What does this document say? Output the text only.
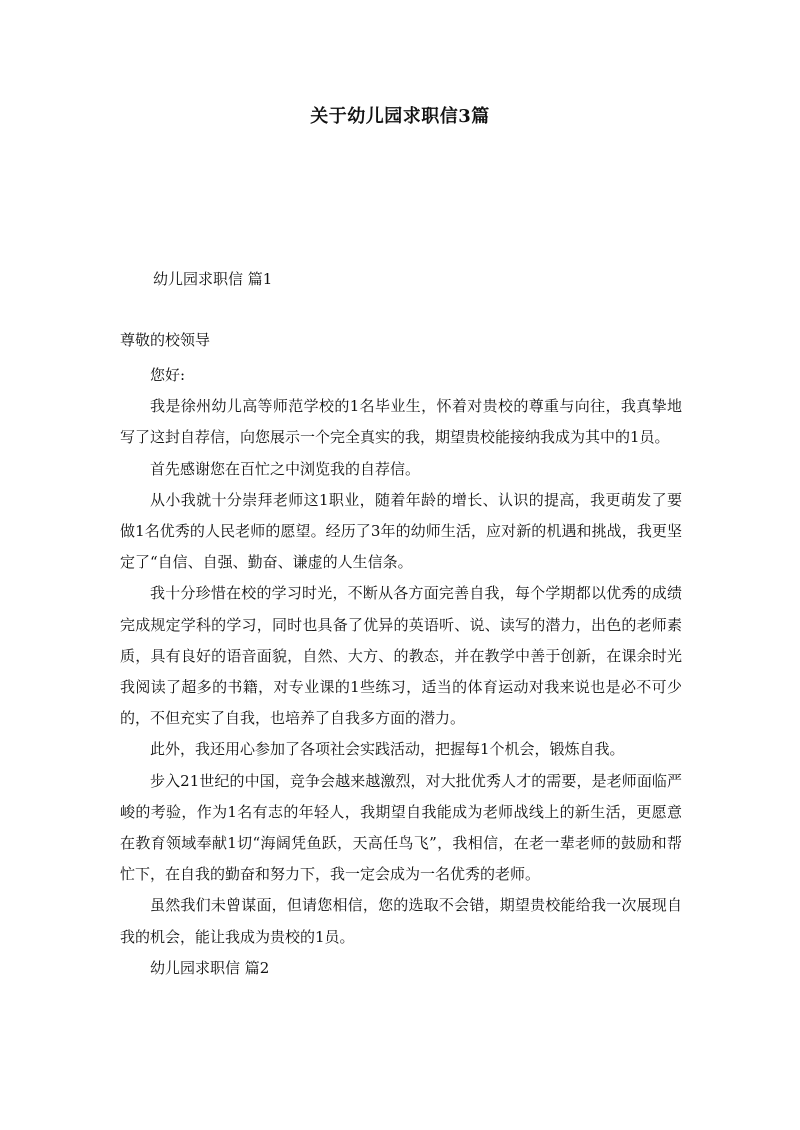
关于幼儿园求职信3篇
幼儿园求职信 篇1
尊敬的校领导

您好:

我是徐州幼儿高等师范学校的1名毕业生，怀着对贵校的尊重与向往，我真挚地写了这封自荐信，向您展示一个完全真实的我，期望贵校能接纳我成为其中的1员。

首先感谢您在百忙之中浏览我的自荐信。

从小我就十分崇拜老师这1职业，随着年龄的增长、认识的提高，我更萌发了要做1名优秀的人民老师的愿望。经历了3年的幼师生活，应对新的机遇和挑战，我更坚定了“自信、自强、勤奋、谦虚的人生信条。

我十分珍惜在校的学习时光，不断从各方面完善自我，每个学期都以优秀的成绩完成规定学科的学习，同时也具备了优异的英语听、说、读写的潜力，出色的老师素质，具有良好的语音面貌，自然、大方、的教态，并在教学中善于创新，在课余时光我阅读了超多的书籍，对专业课的1些练习，适当的体育运动对我来说也是必不可少的，不但充实了自我，也培养了自我多方面的潜力。

此外，我还用心参加了各项社会实践活动，把握每1个机会，锻炼自我。

步入21世纪的中国，竞争会越来越激烈，对大批优秀人才的需要，是老师面临严峻的考验，作为1名有志的年轻人，我期望自我能成为老师战线上的新生活，更愿意在教育领域奉献1切“海阔凭鱼跃，天高任鸟飞”，我相信，在老一辈老师的鼓励和帮忙下，在自我的勤奋和努力下，我一定会成为一名优秀的老师。

虽然我们未曾谋面，但请您相信，您的选取不会错，期望贵校能给我一次展现自我的机会，能让我成为贵校的1员。

幼儿园求职信 篇2
